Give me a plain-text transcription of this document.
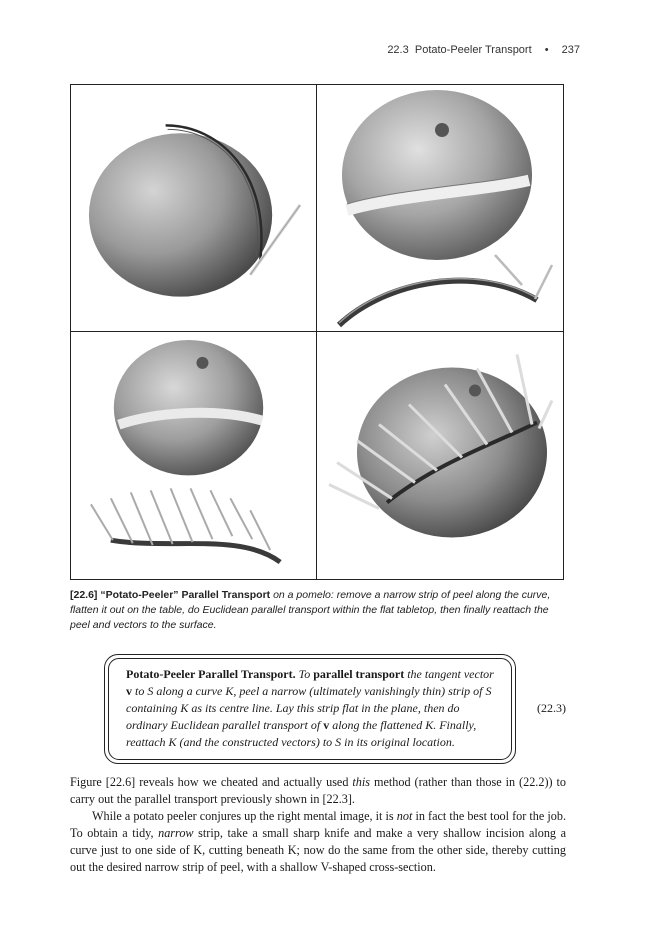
22.3 Potato-Peeler Transport • 237
[22.6] “Potato-Peeler” Parallel Transport on a pomelo: remove a narrow strip of peel along the curve, flatten it out on the table, do Euclidean parallel transport within the flat tabletop, then finally reattach the peel and vectors to the surface.
Potato-Peeler Parallel Transport. To parallel transport the tangent vector v to S along a curve K, peel a narrow (ultimately vanishingly thin) strip of S containing K as its centre line. Lay this strip flat in the plane, then do ordinary Euclidean parallel transport of v along the flattened K. Finally, reattach K (and the constructed vectors) to S in its original location.
(22.3)

Figure [22.6] reveals how we cheated and actually used this method (rather than those in (22.2)) to carry out the parallel transport previously shown in [22.3].

While a potato peeler conjures up the right mental image, it is not in fact the best tool for the job. To obtain a tidy, narrow strip, take a small sharp knife and make a very shallow incision along a curve just to one side of K, cutting beneath K; now do the same from the other side, thereby cutting out the desired narrow strip of peel, with a shallow V-shaped cross-section.
